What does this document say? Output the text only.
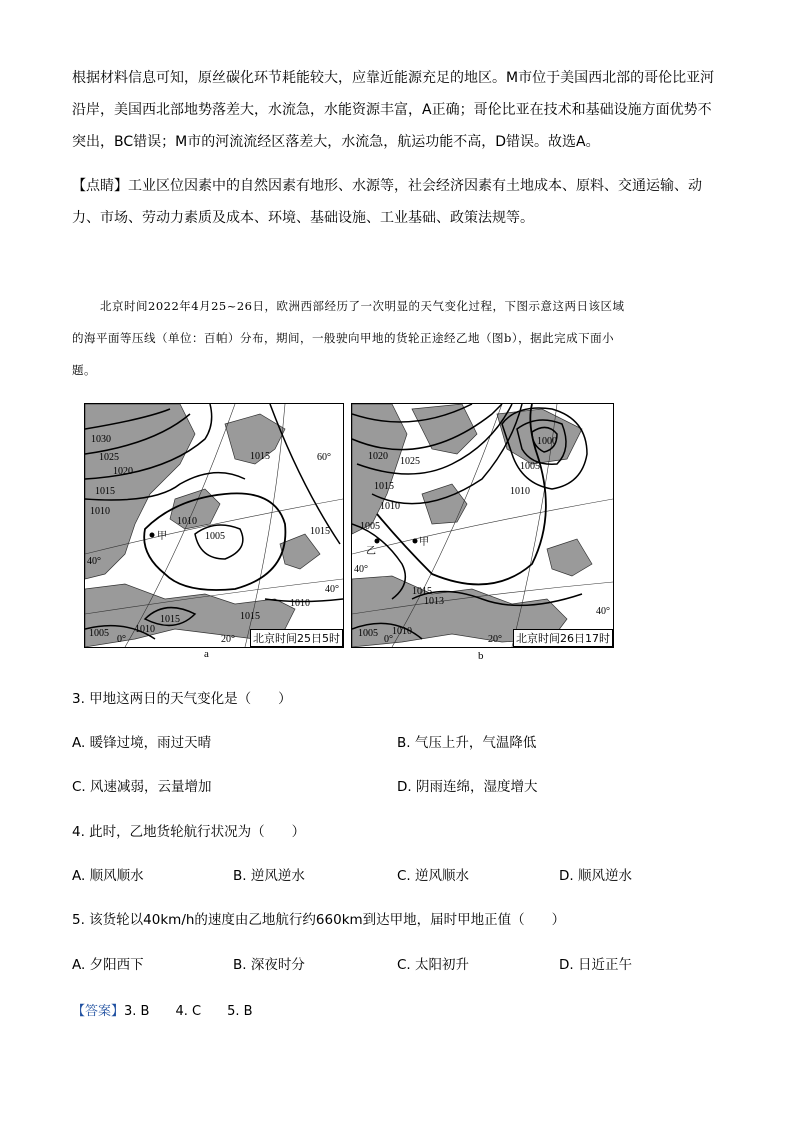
根据材料信息可知，原丝碳化环节耗能较大，应靠近能源充足的地区。M市位于美国西北部的哥伦比亚河

沿岸，美国西北部地势落差大，水流急，水能资源丰富，A正确；哥伦比亚在技术和基础设施方面优势不

突出，BC错误；M市的河流流经区落差大，水流急，航运功能不高，D错误。故选A。

【点睛】工业区位因素中的自然因素有地形、水源等，社会经济因素有土地成本、原料、交通运输、动

力、市场、劳动力素质及成本、环境、基础设施、工业基础、政策法规等。

北京时间2022年4月25~26日，欧洲西部经历了一次明显的天气变化过程，下图示意这两日该区域

的海平面等压线（单位：百帕）分布，期间，一般驶向甲地的货轮正途经乙地（图b），据此完成下面小

题。

甲
1030
1025
1020
1015
1010
1005
1015
1015
1010
1010
1015
1010
1005
1015
60°
40°
40°
20°
0°	北京时间25日5时
a
乙
甲
1020 1025
1015
1010
1005
1000
1005
1010
1015
1013
1010
1005
40°
40°
20°
0°	北京时间26日17时
b
3. 甲地这两日的天气变化是（　　）
A. 暖锋过境，雨过天晴	B. 气压上升，气温降低
C. 风速减弱，云量增加	D. 阴雨连绵，湿度增大
4. 此时，乙地货轮航行状况为（　　）
A. 顺风顺水	B. 逆风逆水	C. 逆风顺水	D. 顺风逆水
5. 该货轮以40km/h的速度由乙地航行约660km到达甲地，届时甲地正值（　　）
A. 夕阳西下	B. 深夜时分	C. 太阳初升	D. 日近正午
【答案】3. B　　4. C　　5. B
